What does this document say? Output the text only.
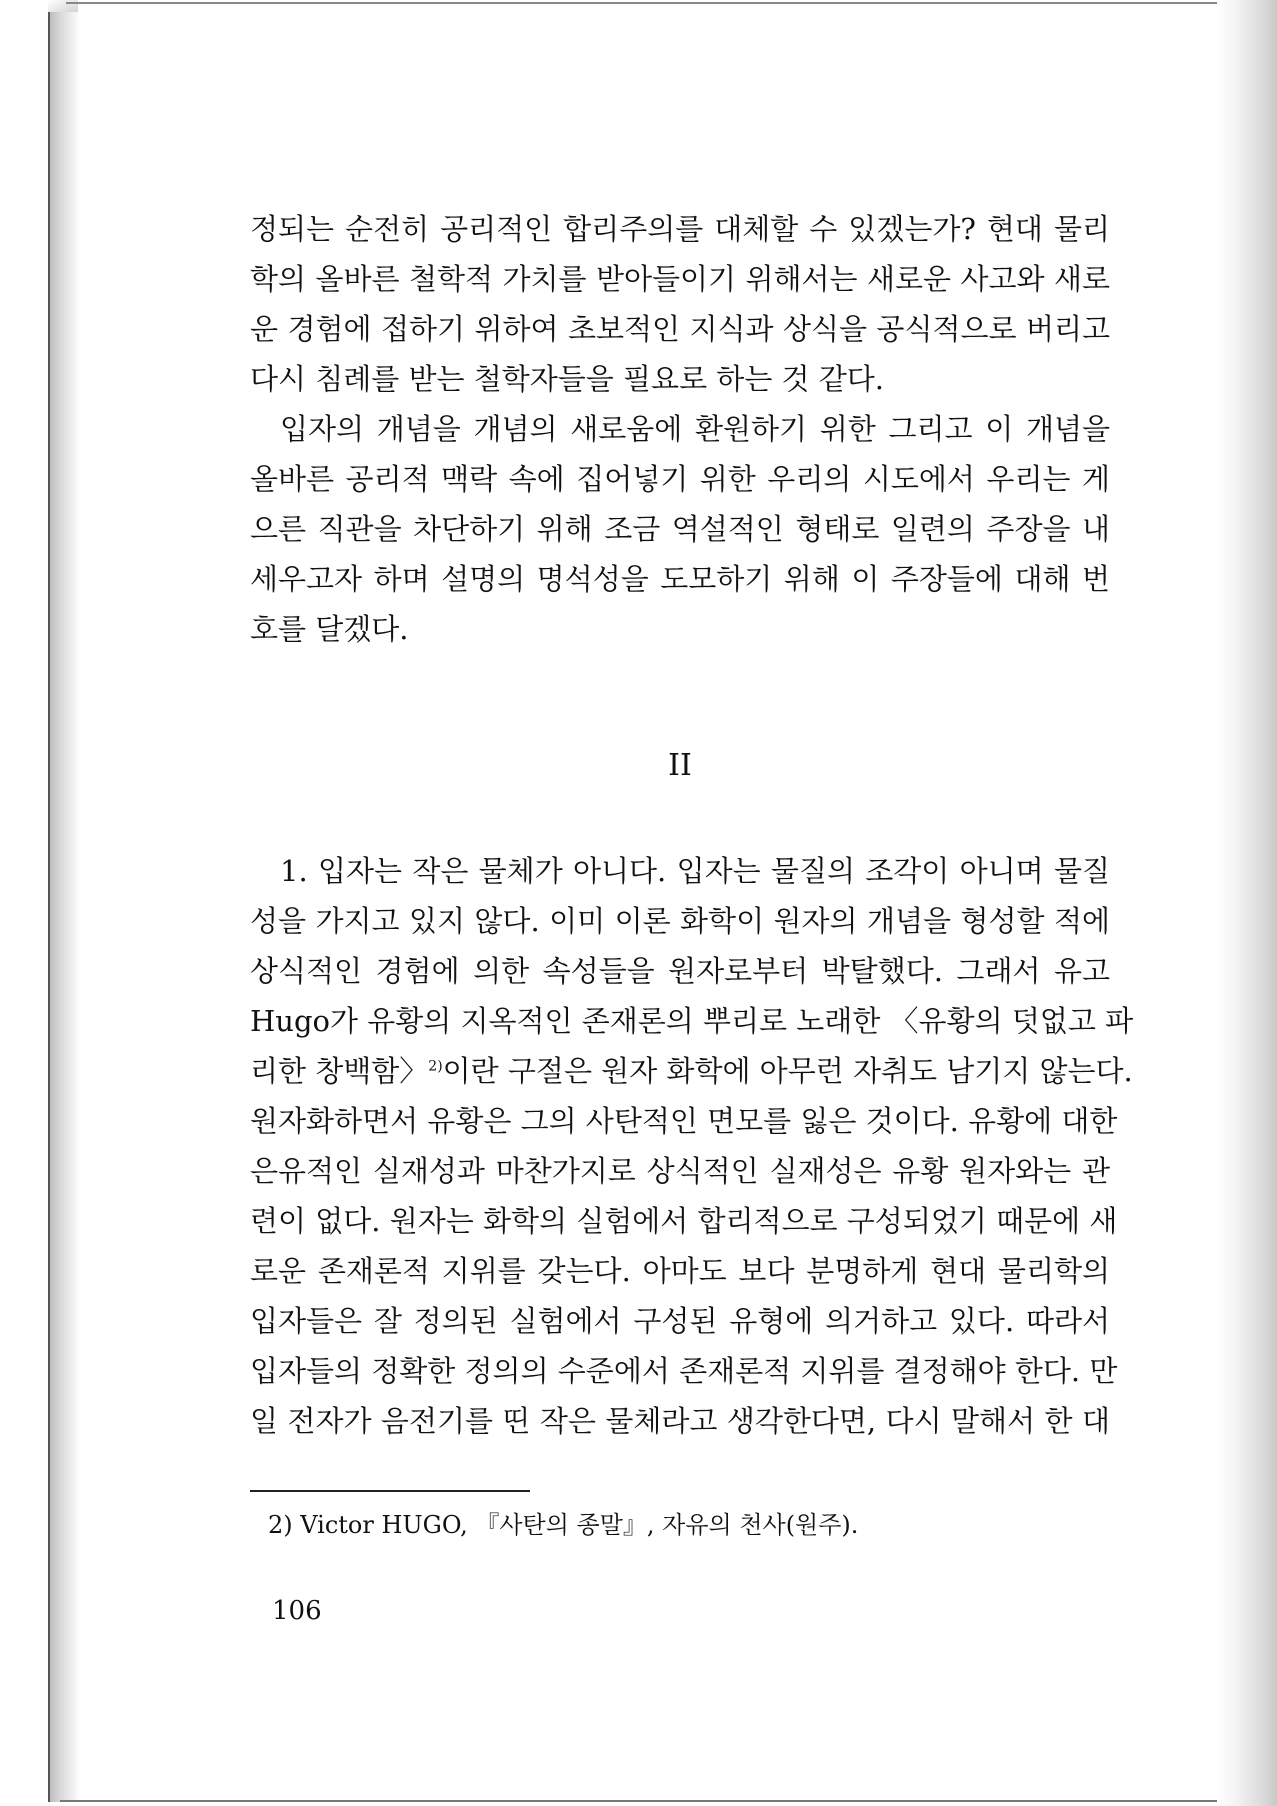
정되는 순전히 공리적인 합리주의를 대체할 수 있겠는가? 현대 물리
학의 올바른 철학적 가치를 받아들이기 위해서는 새로운 사고와 새로
운 경험에 접하기 위하여 초보적인 지식과 상식을 공식적으로 버리고
다시 침례를 받는 철학자들을 필요로 하는 것 같다.
입자의 개념을 개념의 새로움에 환원하기 위한 그리고 이 개념을
올바른 공리적 맥락 속에 집어넣기 위한 우리의 시도에서 우리는 게
으른 직관을 차단하기 위해 조금 역설적인 형태로 일련의 주장을 내
세우고자 하며 설명의 명석성을 도모하기 위해 이 주장들에 대해 번
호를 달겠다.
II
1. 입자는 작은 물체가 아니다. 입자는 물질의 조각이 아니며 물질
성을 가지고 있지 않다. 이미 이론 화학이 원자의 개념을 형성할 적에
상식적인 경험에 의한 속성들을 원자로부터 박탈했다. 그래서 유고
Hugo가 유황의 지옥적인 존재론의 뿌리로 노래한 〈유황의 덧없고 파
리한 창백함〉$^{2)}$이란 구절은 원자 화학에 아무런 자취도 남기지 않는다.
원자화하면서 유황은 그의 사탄적인 면모를 잃은 것이다. 유황에 대한
은유적인 실재성과 마찬가지로 상식적인 실재성은 유황 원자와는 관
련이 없다. 원자는 화학의 실험에서 합리적으로 구성되었기 때문에 새
로운 존재론적 지위를 갖는다. 아마도 보다 분명하게 현대 물리학의
입자들은 잘 정의된 실험에서 구성된 유형에 의거하고 있다. 따라서
입자들의 정확한 정의의 수준에서 존재론적 지위를 결정해야 한다. 만
일 전자가 음전기를 띤 작은 물체라고 생각한다면, 다시 말해서 한 대
2) Victor HUGO, 『사탄의 종말』, 자유의 천사(원주).
106
